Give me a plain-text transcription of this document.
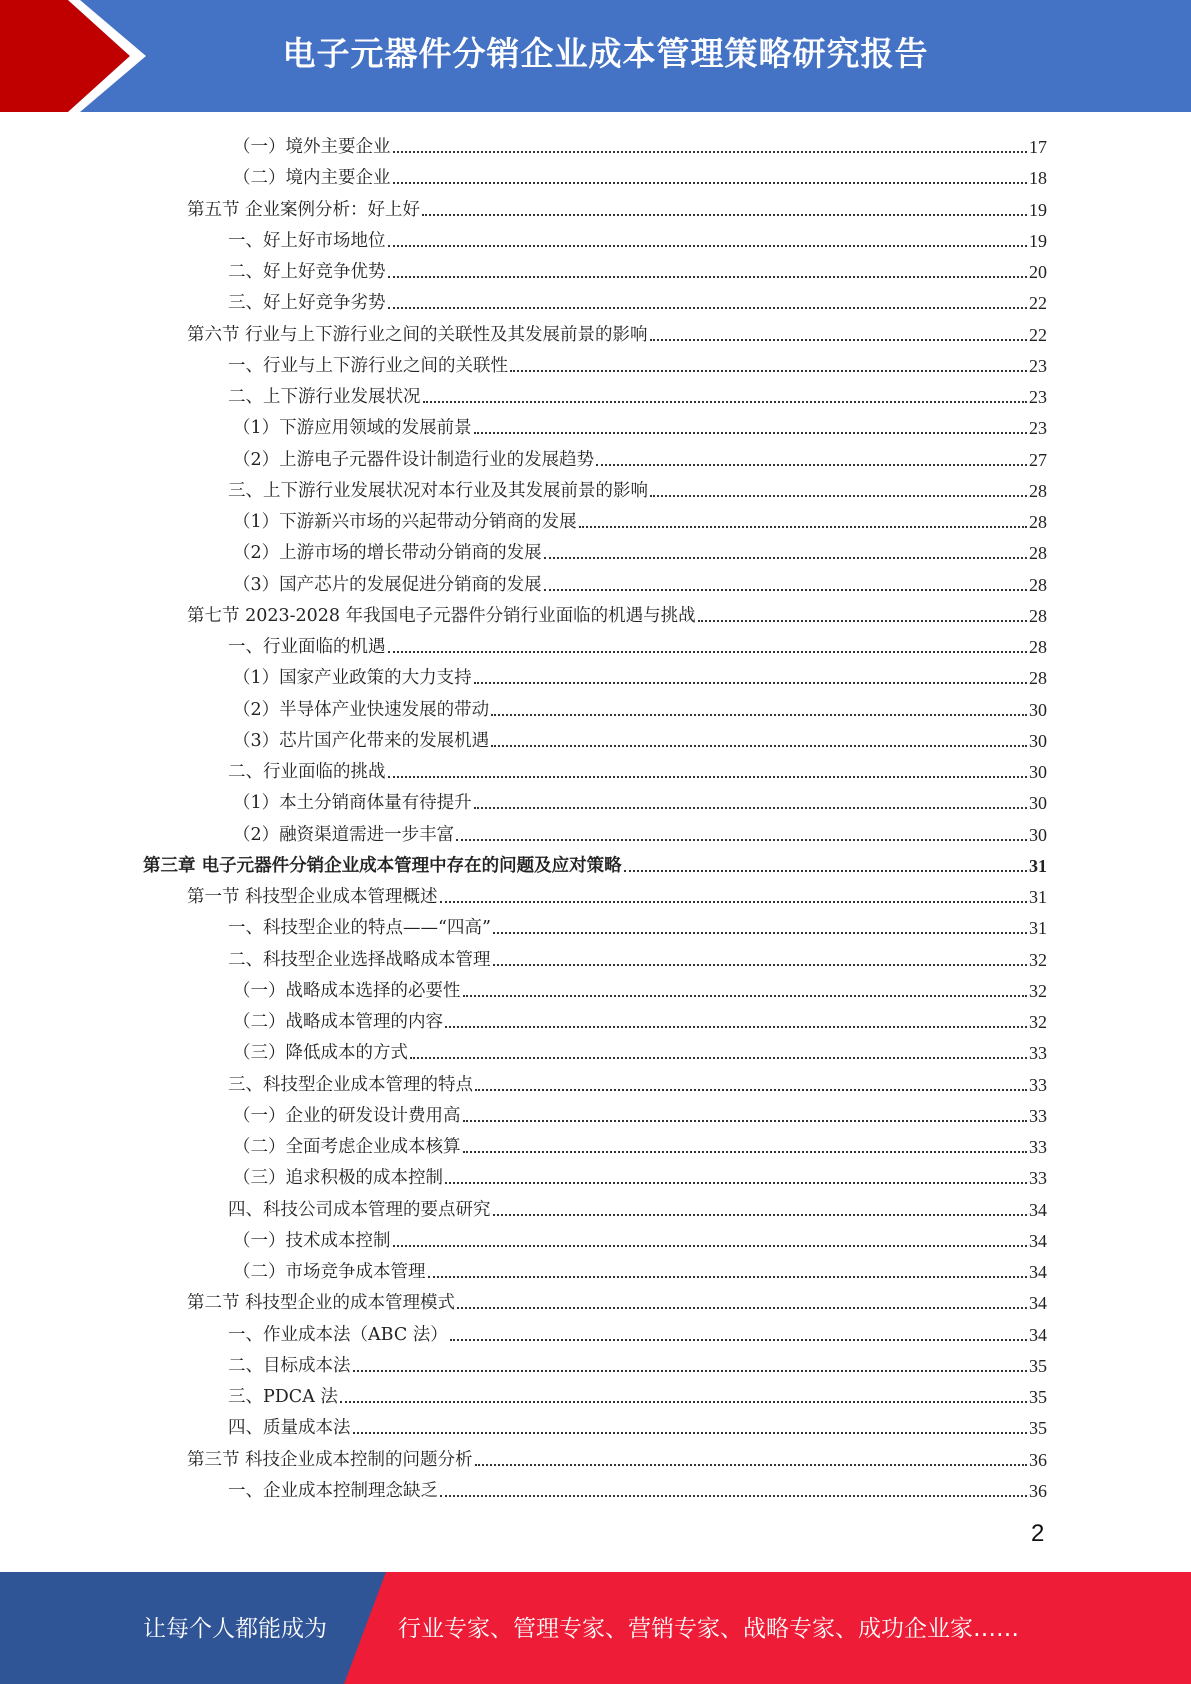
电子元器件分销企业成本管理策略研究报告
（一）境外主要企业	17
（二）境内主要企业	18
第五节 企业案例分析：好上好	19
一、好上好市场地位	19
二、好上好竞争优势	20
三、好上好竞争劣势	22
第六节 行业与上下游行业之间的关联性及其发展前景的影响	22
一、行业与上下游行业之间的关联性	23
二、上下游行业发展状况	23
（1）下游应用领域的发展前景	23
（2）上游电子元器件设计制造行业的发展趋势	27
三、上下游行业发展状况对本行业及其发展前景的影响	28
（1）下游新兴市场的兴起带动分销商的发展	28
（2）上游市场的增长带动分销商的发展	28
（3）国产芯片的发展促进分销商的发展	28
第七节 2023-2028 年我国电子元器件分销行业面临的机遇与挑战	28
一、行业面临的机遇	28
（1）国家产业政策的大力支持	28
（2）半导体产业快速发展的带动	30
（3）芯片国产化带来的发展机遇	30
二、行业面临的挑战	30
（1）本土分销商体量有待提升	30
（2）融资渠道需进一步丰富	30
第三章 电子元器件分销企业成本管理中存在的问题及应对策略	31
第一节 科技型企业成本管理概述	31
一、科技型企业的特点——“四高”	31
二、科技型企业选择战略成本管理	32
（一）战略成本选择的必要性	32
（二）战略成本管理的内容	32
（三）降低成本的方式	33
三、科技型企业成本管理的特点	33
（一）企业的研发设计费用高	33
（二）全面考虑企业成本核算	33
（三）追求积极的成本控制	33
四、科技公司成本管理的要点研究	34
（一）技术成本控制	34
（二）市场竞争成本管理	34
第二节 科技型企业的成本管理模式	34
一、作业成本法（ABC 法）	34
二、目标成本法	35
三、PDCA 法	35
四、质量成本法	35
第三节 科技企业成本控制的问题分析	36
一、企业成本控制理念缺乏	36
2
让每个人都能成为	行业专家、管理专家、营销专家、战略专家、成功企业家……
